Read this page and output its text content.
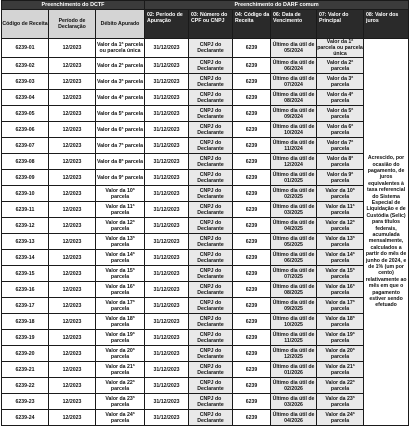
Preenchimento do DCTF			Preenchimento do DARF comum					
Código de Receita	Período de Declaração	Débito Apurado	02: Período de Apuração	03: Número do CPF ou CNPJ	04: Código da Receita	06: Data de Vencimento	07: Valor do Principal	08: Valor dos juros
6239-01	12/2023	Valor da 1ª parcela ou parcela única	31/12/2023	CNPJ do Declarante	6239	Último dia útil de 05/2024	Valor da 1ª parcela ou parcela única	Acrescido, por ocasião do pagamento, de juros equivalentes à taxa referencial do Sistema Especial de Liquidação e de Custódia (Selic) para títulos federais, acumulada mensalmente, calculados a partir do mês de junho de 2024, e de 1% (um por cento) relativamente ao mês em que o pagamento estiver sendo efetuado
6239-02	12/2023	Valor da 2ª parcela	31/12/2023	CNPJ do Declarante	6239	Último dia útil de 06/2024	Valor da 2ª parcela	
6239-03	12/2023	Valor da 3ª parcela	31/12/2023	CNPJ do Declarante	6239	Último dia útil de 07/2024	Valor da 3ª parcela	
6239-04	12/2023	Valor da 4ª parcela	31/12/2023	CNPJ do Declarante	6239	Último dia útil de 08/2024	Valor da 4ª parcela	
6239-05	12/2023	Valor da 5ª parcela	31/12/2023	CNPJ do Declarante	6239	Último dia útil de 09/2024	Valor da 5ª parcela	
6239-06	12/2023	Valor da 6ª parcela	31/12/2023	CNPJ do Declarante	6239	Último dia útil de 10/2024	Valor da 6ª parcela	
6239-07	12/2023	Valor da 7ª parcela	31/12/2023	CNPJ do Declarante	6239	Último dia útil de 11/2024	Valor da 7ª parcela	
6239-08	12/2023	Valor da 8ª parcela	31/12/2023	CNPJ do Declarante	6239	Último dia útil de 12/2024	Valor da 8ª parcela	
6239-09	12/2023	Valor da 9ª parcela	31/12/2023	CNPJ do Declarante	6239	Último dia útil de 01/2025	Valor da 9ª parcela	
6239-10	12/2023	Valor da 10ª parcela	31/12/2023	CNPJ do Declarante	6239	Último dia útil de 02/2025	Valor da 10ª parcela	
6239-11	12/2023	Valor da 11ª parcela	31/12/2023	CNPJ do Declarante	6239	Último dia útil de 03/2025	Valor da 11ª parcela	
6239-12	12/2023	Valor da 12ª parcela	31/12/2023	CNPJ do Declarante	6239	Último dia útil de 04/2025	Valor da 12ª parcela	
6239-13	12/2023	Valor da 13ª parcela	31/12/2023	CNPJ do Declarante	6239	Último dia útil de 05/2025	Valor da 13ª parcela	
6239-14	12/2023	Valor da 14ª parcela	31/12/2023	CNPJ do Declarante	6239	Último dia útil de 06/2025	Valor da 14ª parcela	
6239-15	12/2023	Valor da 15ª parcela	31/12/2023	CNPJ do Declarante	6239	Último dia útil de 07/2025	Valor da 15ª parcela	
6239-16	12/2023	Valor da 16ª parcela	31/12/2023	CNPJ do Declarante	6239	Último dia útil de 08/2025	Valor da 16ª parcela	
6239-17	12/2023	Valor da 17ª parcela	31/12/2023	CNPJ do Declarante	6239	Último dia útil de 09/2025	Valor da 17ª parcela	
6239-18	12/2023	Valor da 18ª parcela	31/12/2023	CNPJ do Declarante	6239	Último dia útil de 10/2025	Valor da 18ª parcela	
6239-19	12/2023	Valor da 19ª parcela	31/12/2023	CNPJ do Declarante	6239	Último dia útil de 11/2025	Valor da 19ª parcela	
6239-20	12/2023	Valor da 20ª parcela	31/12/2023	CNPJ do Declarante	6239	Último dia útil de 12/2025	Valor da 20ª parcela	
6239-21	12/2023	Valor da 21ª parcela	31/12/2023	CNPJ do Declarante	6239	Último dia útil de 01/2026	Valor da 21ª parcela	
6239-22	12/2023	Valor da 22ª parcela	31/12/2023	CNPJ do Declarante	6239	Último dia útil de 02/2026	Valor da 22ª parcela	
6239-23	12/2023	Valor da 23ª parcela	31/12/2023	CNPJ do Declarante	6239	Último dia útil de 03/2026	Valor da 23ª parcela	
6239-24	12/2023	Valor da 24ª parcela	31/12/2023	CNPJ do Declarante	6239	Último dia útil de 04/2026	Valor da 24ª parcela	
